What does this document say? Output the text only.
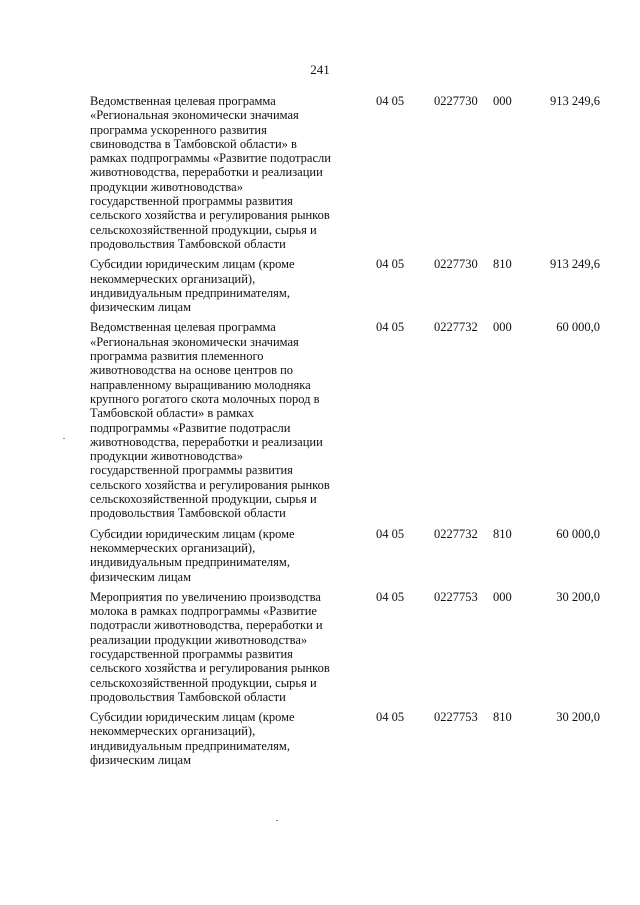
241
Ведомственная целевая программа
«Региональная экономически значимая
программа ускоренного развития
свиноводства в Тамбовской области» в
рамках подпрограммы «Развитие подотрасли
животноводства, переработки и реализации
продукции животноводства»
государственной программы развития
сельского хозяйства и регулирования рынков
сельскохозяйственной продукции, сырья и
продовольствия Тамбовской области
04 05 0227730 000	913 249,6
Субсидии юридическим лицам (кроме
некоммерческих организаций),
индивидуальным предпринимателям,
физическим лицам
04 05 0227730 810	913 249,6
Ведомственная целевая программа
«Региональная экономически значимая
программа развития племенного
животноводства на основе центров по
направленному выращиванию молодняка
крупного рогатого скота молочных пород в
Тамбовской области» в рамках
подпрограммы «Развитие подотрасли
животноводства, переработки и реализации
продукции животноводства»
государственной программы развития
сельского хозяйства и регулирования рынков
сельскохозяйственной продукции, сырья и
продовольствия Тамбовской области
04 05 0227732 000	60 000,0
Субсидии юридическим лицам (кроме
некоммерческих организаций),
индивидуальным предпринимателям,
физическим лицам
04 05 0227732 810	60 000,0
Мероприятия по увеличению производства
молока в рамках подпрограммы «Развитие
подотрасли животноводства, переработки и
реализации продукции животноводства»
государственной программы развития
сельского хозяйства и регулирования рынков
сельскохозяйственной продукции, сырья и
продовольствия Тамбовской области
04 05 0227753 000	30 200,0
Субсидии юридическим лицам (кроме
некоммерческих организаций),
индивидуальным предпринимателям,
физическим лицам
04 05 0227753 810	30 200,0
